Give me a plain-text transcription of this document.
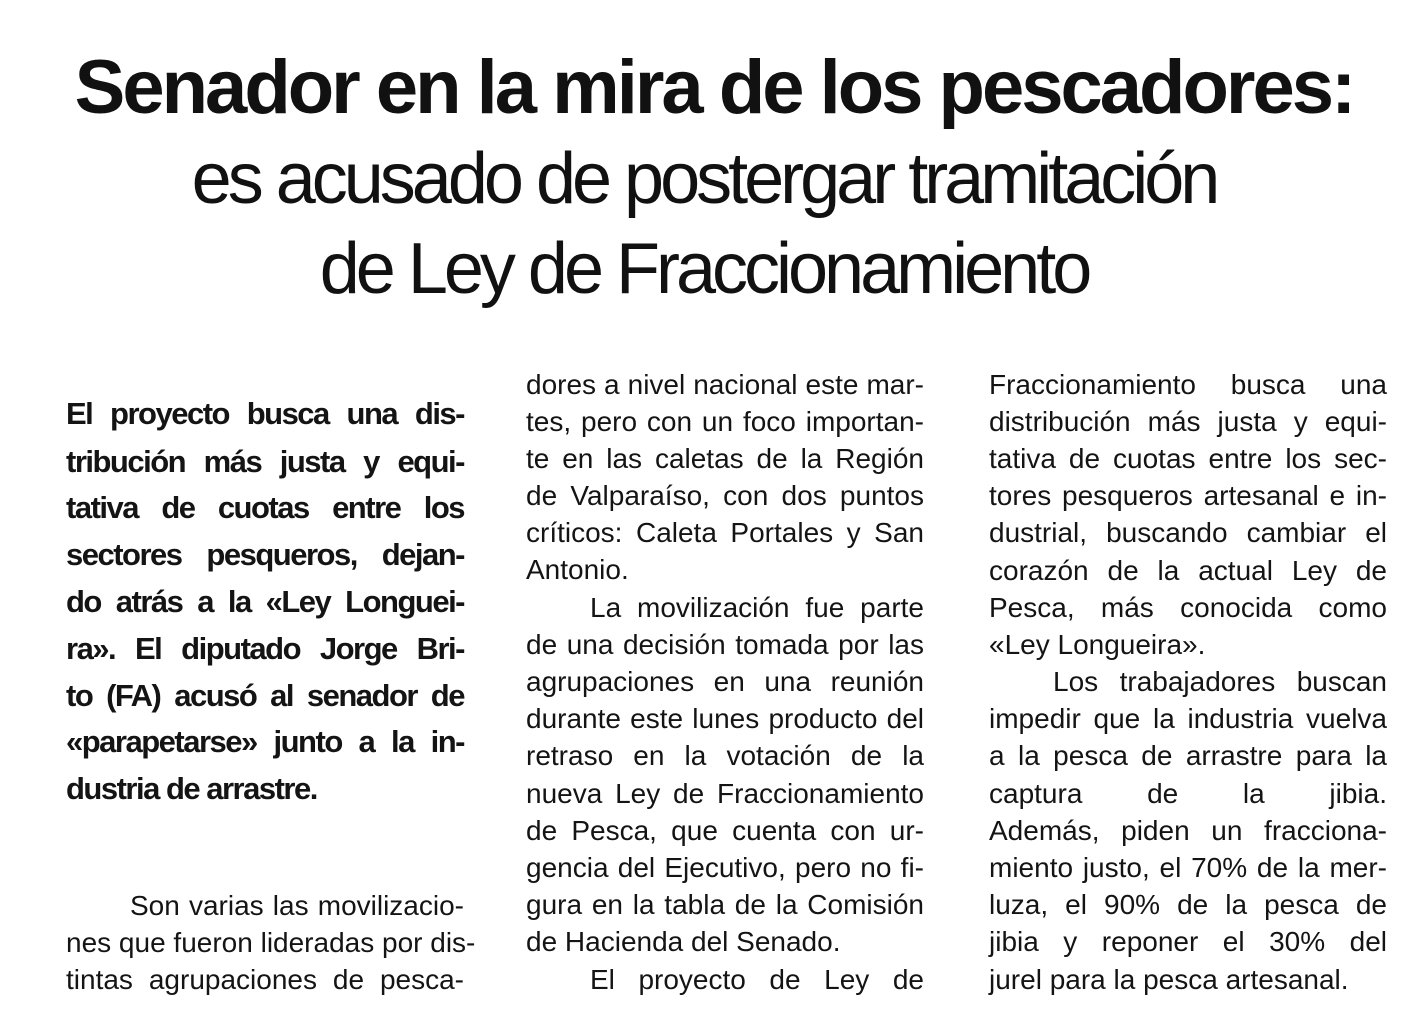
Senador en la mira de los pescadores:
es acusado de postergar tramitación
de Ley de Fraccionamiento
El proyecto busca una dis-
tribución más justa y equi-
tativa de cuotas entre los
sectores pesqueros, dejan-
do atrás a la «Ley Longuei-
ra». El diputado Jorge Bri-
to (FA) acusó al senador de
«parapetarse» junto a la in-
dustria de arrastre.
Son varias las movilizacio-
nes que fueron lideradas por dis-
tintas agrupaciones de pesca-
dores a nivel nacional este mar-
tes, pero con un foco importan-
te en las caletas de la Región
de Valparaíso, con dos puntos
críticos: Caleta Portales y San
Antonio.
La movilización fue parte
de una decisión tomada por las
agrupaciones en una reunión
durante este lunes producto del
retraso en la votación de la
nueva Ley de Fraccionamiento
de Pesca, que cuenta con ur-
gencia del Ejecutivo, pero no fi-
gura en la tabla de la Comisión
de Hacienda del Senado.
El proyecto de Ley de
Fraccionamiento busca una
distribución más justa y equi-
tativa de cuotas entre los sec-
tores pesqueros artesanal e in-
dustrial, buscando cambiar el
corazón de la actual Ley de
Pesca, más conocida como
«Ley Longueira».
Los trabajadores buscan
impedir que la industria vuelva
a la pesca de arrastre para la
captura de la jibia.
Además, piden un fracciona-
miento justo, el 70% de la mer-
luza, el 90% de la pesca de
jibia y reponer el 30% del
jurel para la pesca artesanal.
